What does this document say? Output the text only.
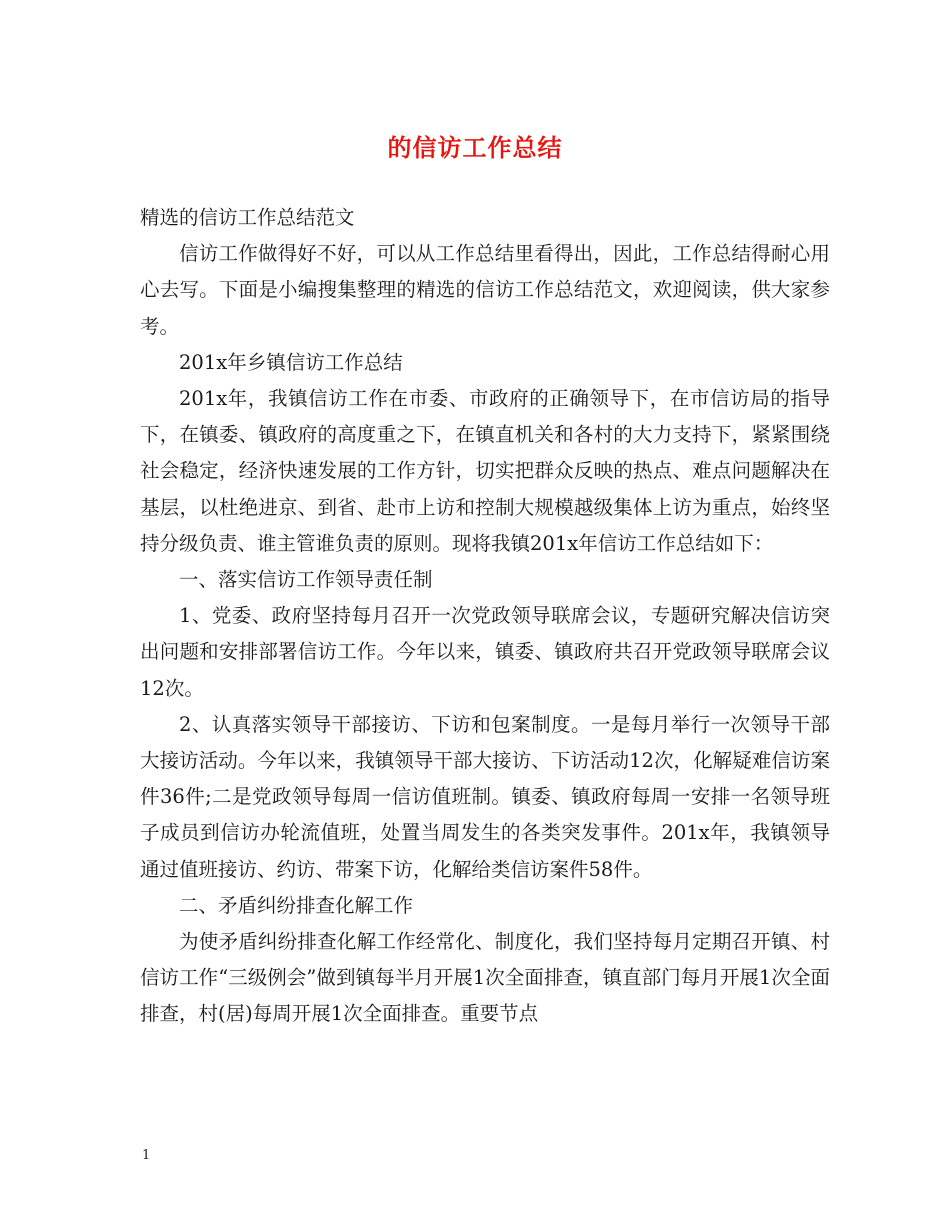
的信访工作总结

精选的信访工作总结范文

信访工作做得好不好，可以从工作总结里看得出，因此，工作总结得耐心用心去写。下面是小编搜集整理的精选的信访工作总结范文，欢迎阅读，供大家参考。

201x年乡镇信访工作总结

201x年，我镇信访工作在市委、市政府的正确领导下，在市信访局的指导下，在镇委、镇政府的高度重之下，在镇直机关和各村的大力支持下，紧紧围绕社会稳定，经济快速发展的工作方针，切实把群众反映的热点、难点问题解决在基层，以杜绝进京、到省、赴市上访和控制大规模越级集体上访为重点，始终坚持分级负责、谁主管谁负责的原则。现将我镇201x年信访工作总结如下：

一、落实信访工作领导责任制

1、党委、政府坚持每月召开一次党政领导联席会议，专题研究解决信访突出问题和安排部署信访工作。今年以来，镇委、镇政府共召开党政领导联席会议12次。

2、认真落实领导干部接访、下访和包案制度。一是每月举行一次领导干部大接访活动。今年以来，我镇领导干部大接访、下访活动12次，化解疑难信访案件36件;二是党政领导每周一信访值班制。镇委、镇政府每周一安排一名领导班子成员到信访办轮流值班，处置当周发生的各类突发事件。201x年，我镇领导通过值班接访、约访、带案下访，化解给类信访案件58件。

二、矛盾纠纷排查化解工作

为使矛盾纠纷排查化解工作经常化、制度化，我们坚持每月定期召开镇、村信访工作“三级例会”做到镇每半月开展1次全面排查，镇直部门每月开展1次全面排查，村(居)每周开展1次全面排查。重要节点

1
